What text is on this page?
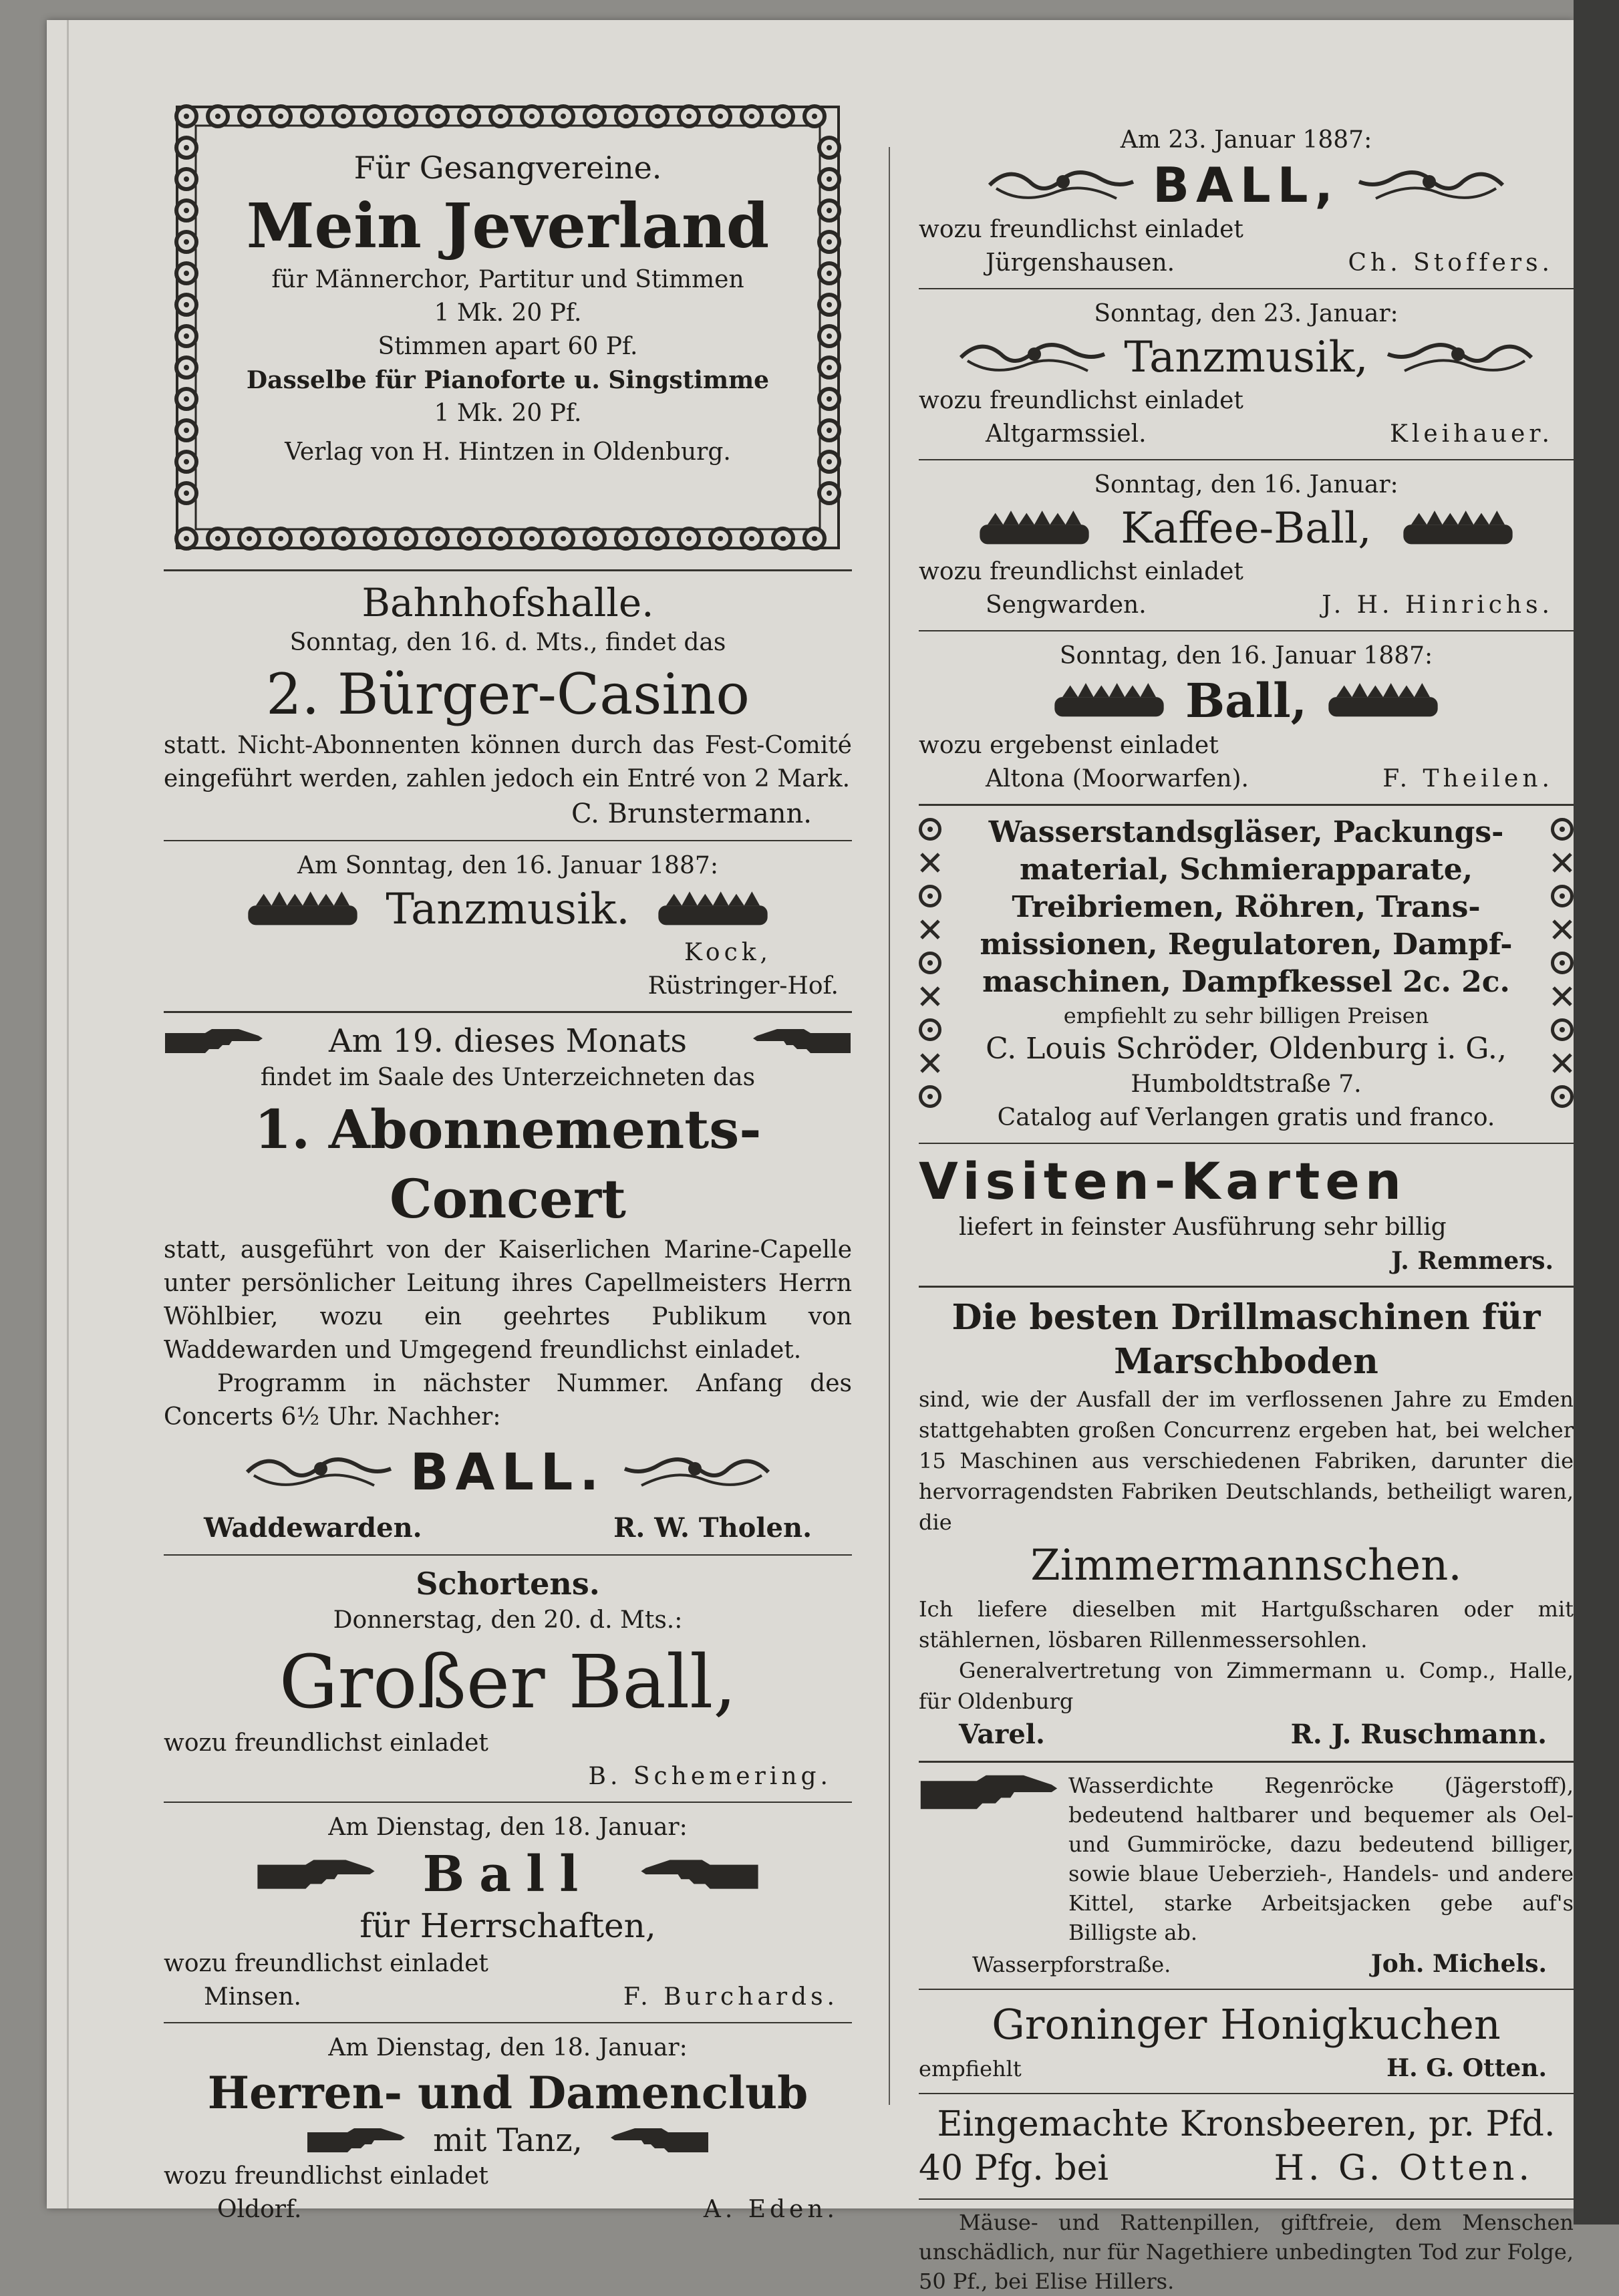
Für Gesangvereine.
Mein Jeverland
für Männerchor, Partitur und Stimmen
1 Mk. 20 Pf.
Stimmen apart 60 Pf.
Dasselbe für Pianoforte u. Singstimme
1 Mk. 20 Pf.
Verlag von H. Hintzen in Oldenburg.
Bahnhofshalle.
Sonntag, den 16. d. Mts., findet das
2. Bürger-Casino
statt. Nicht-Abonnenten können durch das Fest-Comité eingeführt werden, zahlen jedoch ein Entré von 2 Mark.
C. Brunstermann.
Am Sonntag, den 16. Januar 1887:
Tanzmusik.
Kock,
Rüstringer-Hof.
Am 19. dieses Monats
findet im Saale des Unterzeichneten das
1. Abonnements-Concert
statt, ausgeführt von der Kaiserlichen Marine-Capelle unter persönlicher Leitung ihres Capellmeisters Herrn Wöhlbier, wozu ein geehrtes Publikum von Waddewarden und Umgegend freundlichst einladet.
Programm in nächster Nummer. Anfang des Concerts 6½ Uhr. Nachher:
BALL.
Waddewarden.	R. W. Tholen.
Schortens.
Donnerstag, den 20. d. Mts.:
Großer Ball,
wozu freundlichst einladet
B. Schemering.
Am Dienstag, den 18. Januar:
Ball
für Herrschaften,
wozu freundlichst einladet
Minsen.	F. Burchards.
Am Dienstag, den 18. Januar:
Herren- und Damenclub
mit Tanz,
wozu freundlichst einladet
Oldorf.	A. Eden.
Am 23. Januar 1887:
BALL,
wozu freundlichst einladet
Jürgenshausen.	Ch. Stoffers.
Sonntag, den 23. Januar:
Tanzmusik,
wozu freundlichst einladet
Altgarmssiel.	Kleihauer.
Sonntag, den 16. Januar:
Kaffee-Ball,
wozu freundlichst einladet
Sengwarden.	J. H. Hinrichs.
Sonntag, den 16. Januar 1887:
Ball,
wozu ergebenst einladet
Altona (Moorwarfen).	F. Theilen.
Wasserstandsgläser, Packungs-
material, Schmierapparate,
Treibriemen, Röhren, Trans-
missionen, Regulatoren, Dampf-
maschinen, Dampfkessel 2c. 2c.
empfiehlt zu sehr billigen Preisen
C. Louis Schröder, Oldenburg i. G.,
Humboldtstraße 7.
Catalog auf Verlangen gratis und franco.
Visiten-Karten
liefert in feinster Ausführung sehr billig
J. Remmers.
Die besten Drillmaschinen für Marschboden
sind, wie der Ausfall der im verflossenen Jahre zu Emden stattgehabten großen Concurrenz ergeben hat, bei welcher 15 Maschinen aus verschiedenen Fabriken, darunter die hervorragendsten Fabriken Deutschlands, betheiligt waren, die
Zimmermannschen.
Ich liefere dieselben mit Hartgußscharen oder mit stählernen, lösbaren Rillenmessersohlen.
Generalvertretung von Zimmermann u. Comp., Halle, für Oldenburg
Varel.	R. J. Ruschmann.
Wasserdichte Regenröcke (Jägerstoff), bedeutend haltbarer und bequemer als Oel- und Gummiröcke, dazu bedeutend billiger, sowie blaue Ueberzieh-, Handels- und andere Kittel, starke Arbeitsjacken gebe auf's Billigste ab.
Wasserpforstraße.	Joh. Michels.
Groninger Honigkuchen
empfiehlt	H. G. Otten.
Eingemachte Kronsbeeren, pr. Pfd.
40 Pfg. bei	H. G. Otten.
Mäuse- und Rattenpillen, giftfreie, dem Menschen unschädlich, nur für Nagethiere unbedingten Tod zur Folge, 50 Pf., bei Elise Hillers.
